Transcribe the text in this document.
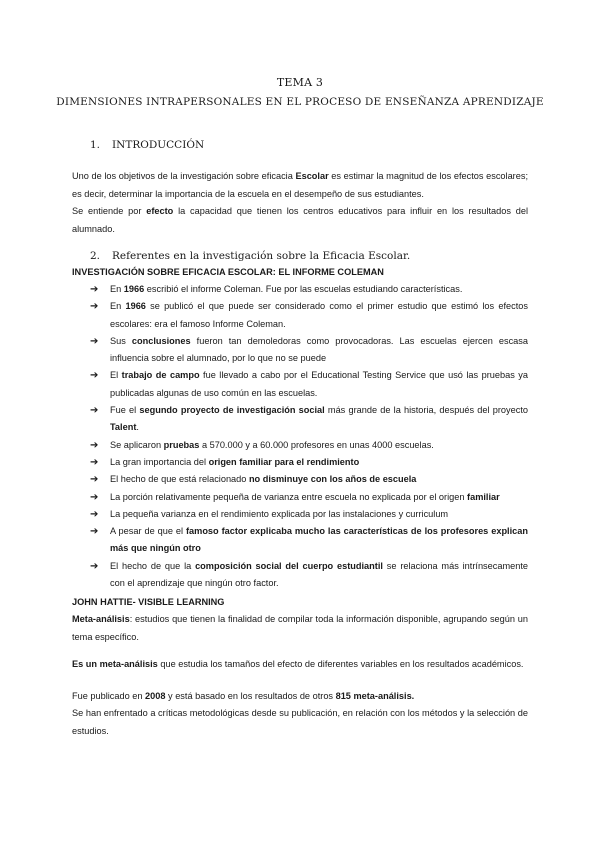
TEMA 3
DIMENSIONES INTRAPERSONALES EN EL PROCESO DE ENSEÑANZA APRENDIZAJE
1. INTRODUCCIÓN

Uno de los objetivos de la investigación sobre eficacia Escolar es estimar la magnitud de los efectos escolares; es decir, determinar la importancia de la escuela en el desempeño de sus estudiantes.

Se entiende por efecto la capacidad que tienen los centros educativos para influir en los resultados del alumnado.

2. Referentes en la investigación sobre la Eficacia Escolar.
INVESTIGACIÓN SOBRE EFICACIA ESCOLAR: EL INFORME COLEMAN
➔ En 1966 escribió el informe Coleman. Fue por las escuelas estudiando características.
➔ En 1966 se publicó el que puede ser considerado como el primer estudio que estimó los efectos escolares: era el famoso Informe Coleman.
➔ Sus conclusiones fueron tan demoledoras como provocadoras. Las escuelas ejercen escasa influencia sobre el alumnado, por lo que no se puede
➔ El trabajo de campo fue llevado a cabo por el Educational Testing Service que usó las pruebas ya publicadas algunas de uso común en las escuelas.
➔ Fue el segundo proyecto de investigación social más grande de la historia, después del proyecto Talent.
➔ Se aplicaron pruebas a 570.000 y a 60.000 profesores en unas 4000 escuelas.
➔ La gran importancia del origen familiar para el rendimiento
➔ El hecho de que está relacionado no disminuye con los años de escuela
➔ La porción relativamente pequeña de varianza entre escuela no explicada por el origen familiar
➔ La pequeña varianza en el rendimiento explicada por las instalaciones y curriculum
➔ A pesar de que el famoso factor explicaba mucho las características de los profesores explican más que ningún otro
➔ El hecho de que la composición social del cuerpo estudiantil se relaciona más intrínsecamente con el aprendizaje que ningún otro factor.
JOHN HATTIE- VISIBLE LEARNING

Meta-análisis: estudios que tienen la finalidad de compilar toda la información disponible, agrupando según un tema específico.

Es un meta-análisis que estudia los tamaños del efecto de diferentes variables en los resultados académicos.

Fue publicado en 2008 y está basado en los resultados de otros 815 meta-análisis.

Se han enfrentado a críticas metodológicas desde su publicación, en relación con los métodos y la selección de estudios.
